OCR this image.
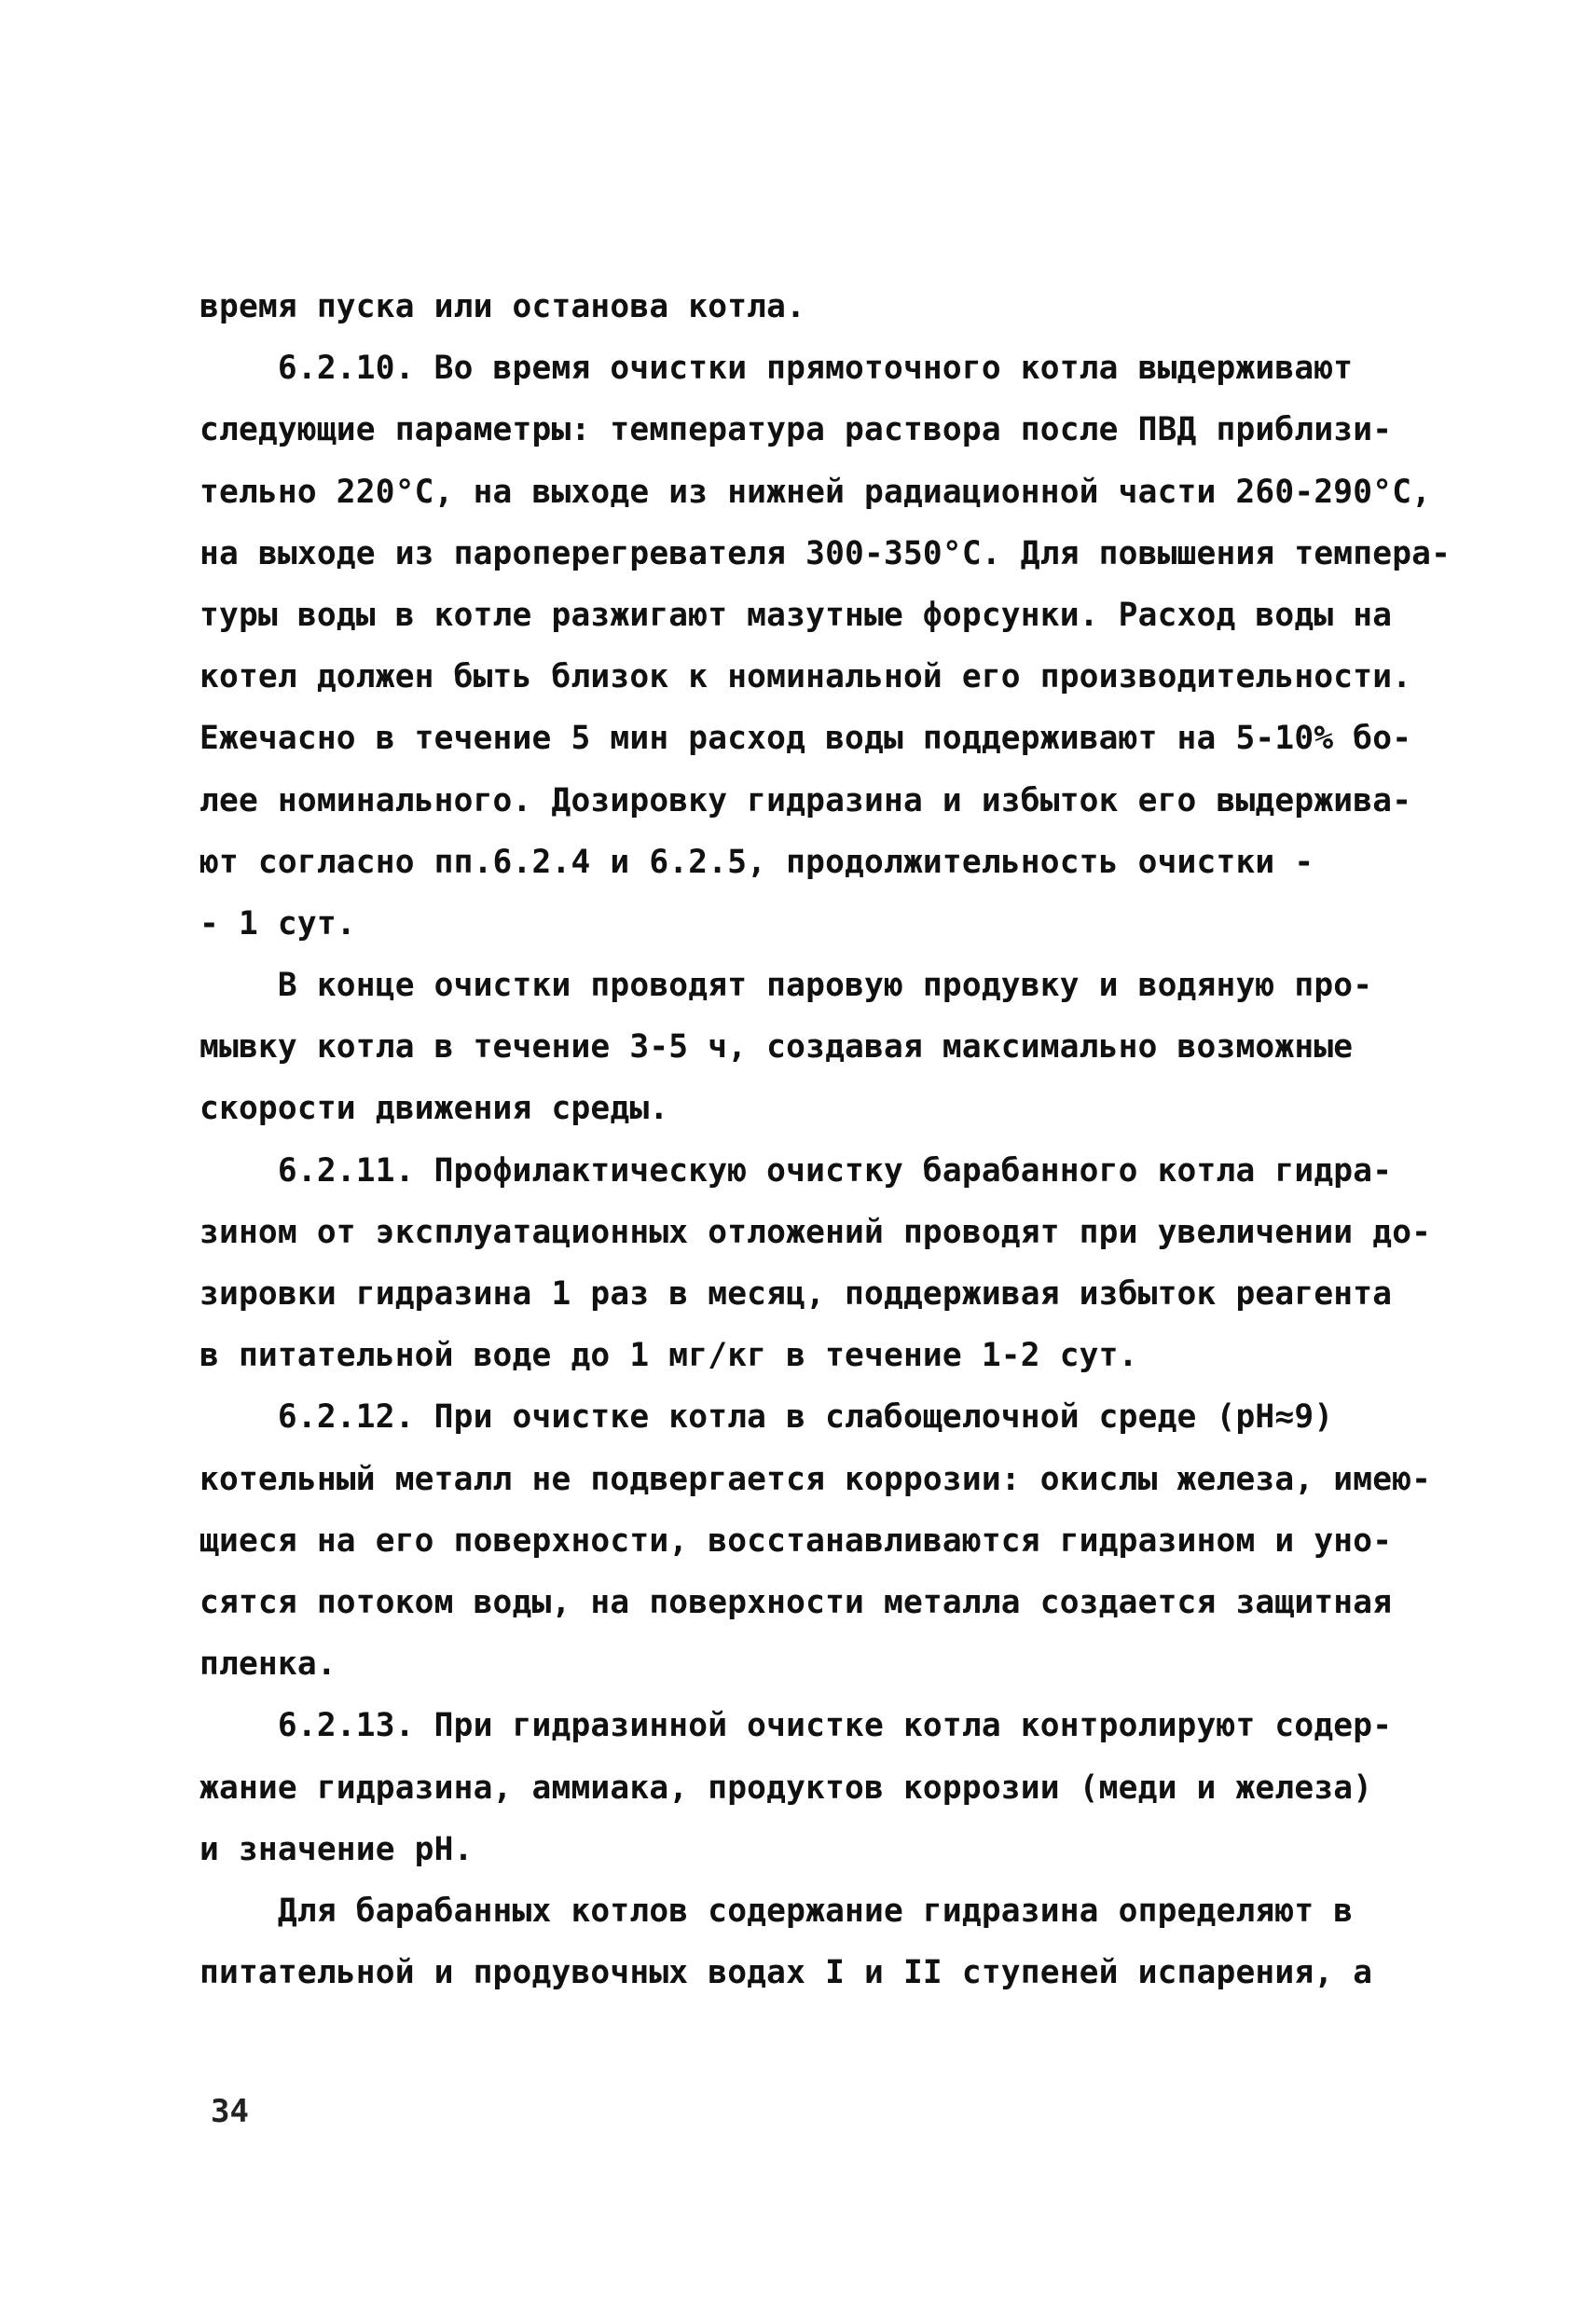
время пуска или останова котла.
6.2.10. Во время очистки прямоточного котла выдерживают
следующие параметры: температура раствора после ПВД приблизи-
тельно 220°С, на выходе из нижней радиационной части 260-290°С,
на выходе из пароперегревателя 300-350°С. Для повышения темпера-
туры воды в котле разжигают мазутные форсунки. Расход воды на
котел должен быть близок к номинальной его производительности.
Ежечасно в течение 5 мин расход воды поддерживают на 5-10% бо-
лее номинального. Дозировку гидразина и избыток его выдержива-
ют согласно пп.6.2.4 и 6.2.5, продолжительность очистки -
- 1 сут.
В конце очистки проводят паровую продувку и водяную про-
мывку котла в течение 3-5 ч, создавая максимально возможные
скорости движения среды.
6.2.11. Профилактическую очистку барабанного котла гидра-
зином от эксплуатационных отложений проводят при увеличении до-
зировки гидразина 1 раз в месяц, поддерживая избыток реагента
в питательной воде до 1 мг/кг в течение 1-2 сут.
6.2.12. При очистке котла в слабощелочной среде (рН≈9)
котельный металл не подвергается коррозии: окислы железа, имею-
щиеся на его поверхности, восстанавливаются гидразином и уно-
сятся потоком воды, на поверхности металла создается защитная
пленка.
6.2.13. При гидразинной очистке котла контролируют содер-
жание гидразина, аммиака, продуктов коррозии (меди и железа)
и значение рН.
Для барабанных котлов содержание гидразина определяют в
питательной и продувочных водах I и II ступеней испарения, а
34
